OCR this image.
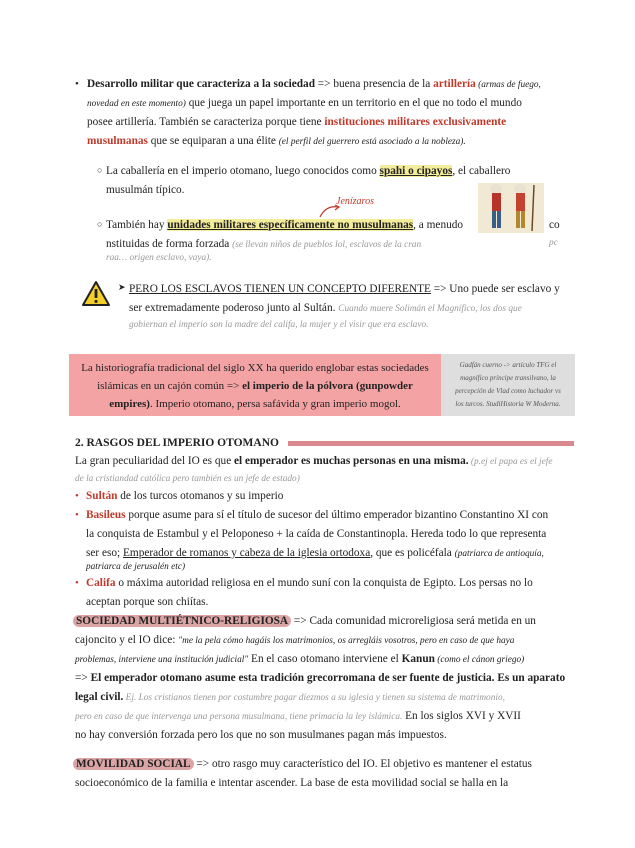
• Desarrollo militar que caracteriza a la sociedad => buena presencia de la artillería (armas de fuego,

novedad en este momento) que juega un papel importante en un territorio en el que no todo el mundo

posee artillería. También se caracteriza porque tiene instituciones militares exclusivamente

musulmanas que se equiparan a una élite (el perfil del guerrero está asociado a la nobleza).

○ La caballería en el imperio otomano, luego conocidos como spahi o cipayos, el caballero

musulmán típico.

Jenízaros
○ También hay unidades militares específicamente no musulmanas, a menudo	co

nstituidas de forma forzada (se llevan niños de pueblos lol, esclavos de la cran	pc

raa… origen esclavo, vaya).

➤ PERO LOS ESCLAVOS TIENEN UN CONCEPTO DIFERENTE => Uno puede ser esclavo y

ser extremadamente poderoso junto al Sultán. Cuando muere Solimán el Magnífico, los dos que

gobiernan el imperio son la madre del califa, la mujer y el visir que era esclavo.

La historiografía tradicional del siglo XX ha querido englobar estas sociedades

islámicas en un cajón común => el imperio de la pólvora (gunpowder

empires). Imperio otomano, persa safávida y gran imperio mogol.

Gadfán cuerno -> artículo TFG el

magnífico príncipe transilvano, la

percepción de Vlad como luchador vs

los turcos. StudiHistoria W Moderna.

2. RASGOS DEL IMPERIO OTOMANO

La gran peculiaridad del IO es que el emperador es muchas personas en una misma. (p.ej el papa es el jefe

de la cristiandad católica pero también es un jefe de estado)

• Sultán de los turcos otomanos y su imperio

• Basileus porque asume para sí el título de sucesor del último emperador bizantino Constantino XI con

la conquista de Estambul y el Peloponeso + la caída de Constantinopla. Hereda todo lo que representa

ser eso; Emperador de romanos y cabeza de la iglesia ortodoxa, que es policéfala (patriarca de antioquía,

patriarca de jerusalén etc)

• Califa o máxima autoridad religiosa en el mundo suní con la conquista de Egipto. Los persas no lo

aceptan porque son chiítas.

SOCIEDAD MULTIÉTNICO-RELIGIOSA => Cada comunidad microreligiosa será metida en un

cajoncito y el IO dice: "me la pela cómo hagáis los matrimonios, os arregláis vosotros, pero en caso de que haya

problemas, interviene una institución judicial" En el caso otomano interviene el Kanun (como el cánon griego)

=> El emperador otomano asume esta tradición grecorromana de ser fuente de justicia. Es un aparato

legal civil. Ej. Los cristianos tienen por costumbre pagar diezmos a su iglesia y tienen su sistema de matrimonio,

pero en caso de que intervenga una persona musulmana, tiene primacía la ley islámica. En los siglos XVI y XVII

no hay conversión forzada pero los que no son musulmanes pagan más impuestos.

MOVILIDAD SOCIAL => otro rasgo muy característico del IO. El objetivo es mantener el estatus

socioeconómico de la familia e intentar ascender. La base de esta movilidad social se halla en la
